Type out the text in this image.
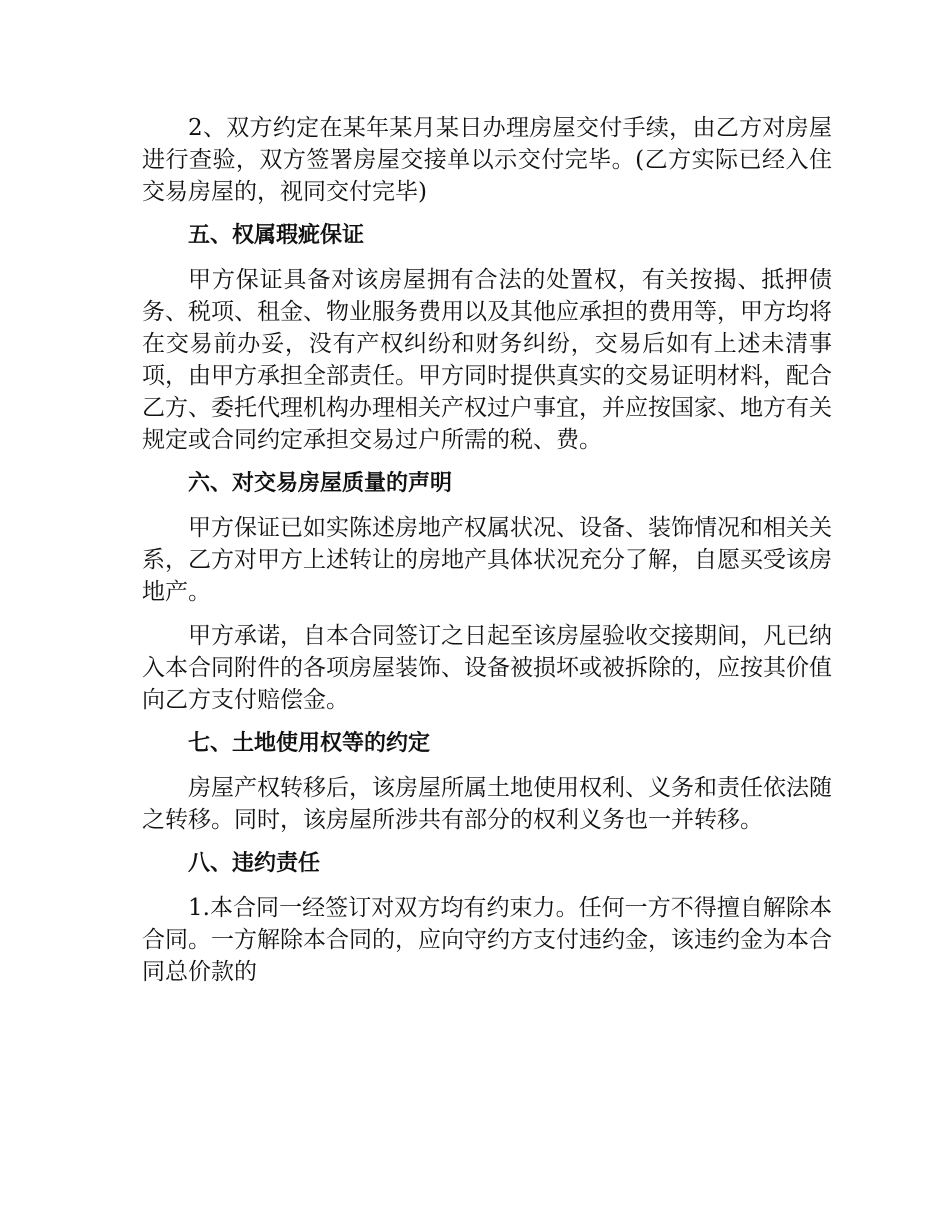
2、双方约定在某年某月某日办理房屋交付手续，由乙方对房屋进行查验，双方签署房屋交接单以示交付完毕。(乙方实际已经入住交易房屋的，视同交付完毕)

五、权属瑕疵保证

甲方保证具备对该房屋拥有合法的处置权，有关按揭、抵押债务、税项、租金、物业服务费用以及其他应承担的费用等，甲方均将在交易前办妥，没有产权纠纷和财务纠纷，交易后如有上述未清事项，由甲方承担全部责任。甲方同时提供真实的交易证明材料，配合乙方、委托代理机构办理相关产权过户事宜，并应按国家、地方有关规定或合同约定承担交易过户所需的税、费。

六、对交易房屋质量的声明

甲方保证已如实陈述房地产权属状况、设备、装饰情况和相关关系，乙方对甲方上述转让的房地产具体状况充分了解，自愿买受该房地产。

甲方承诺，自本合同签订之日起至该房屋验收交接期间，凡已纳入本合同附件的各项房屋装饰、设备被损坏或被拆除的，应按其价值向乙方支付赔偿金。

七、土地使用权等的约定

房屋产权转移后，该房屋所属土地使用权利、义务和责任依法随之转移。同时，该房屋所涉共有部分的权利义务也一并转移。

八、违约责任

1.本合同一经签订对双方均有约束力。任何一方不得擅自解除本合同。一方解除本合同的，应向守约方支付违约金，该违约金为本合同总价款的
